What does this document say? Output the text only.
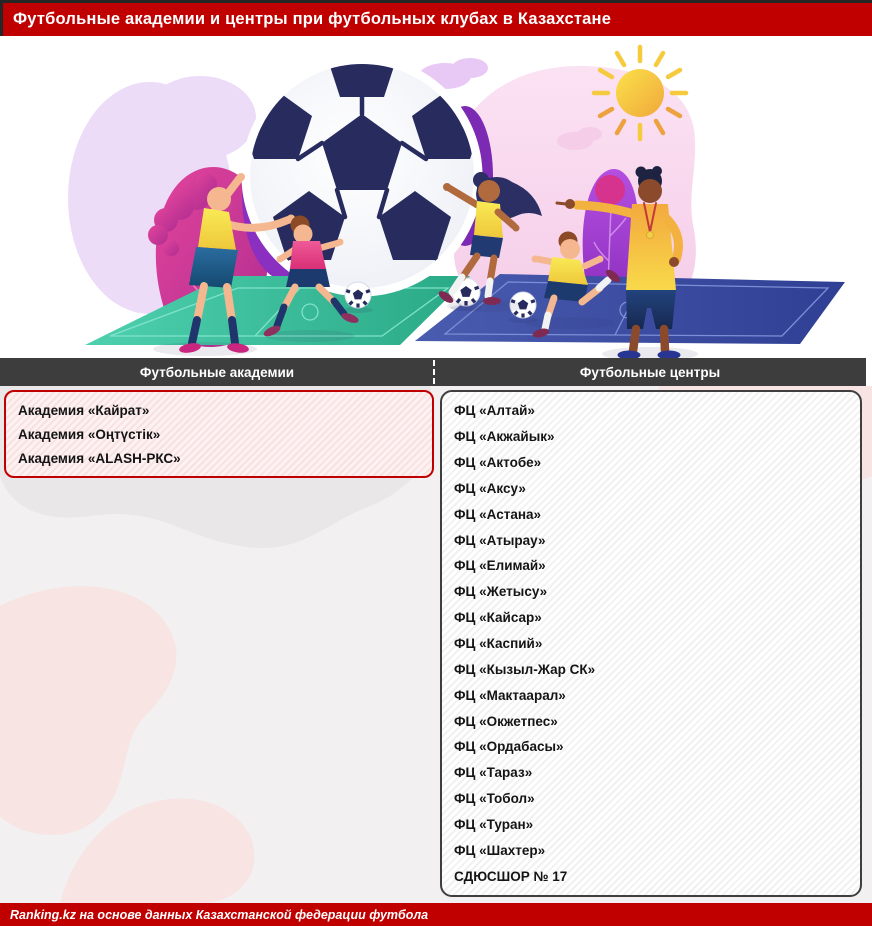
Футбольные академии и центры при футбольных клубах в Казахстане
Футбольные академии	Футбольные центры
Академия «Кайрат»
Академия «Оңтүстік»
Академия «ALASH-РКС»
ФЦ «Алтай»
ФЦ «Акжайык»
ФЦ «Актобе»
ФЦ «Аксу»
ФЦ «Астана»
ФЦ «Атырау»
ФЦ «Елимай»
ФЦ «Жетысу»
ФЦ «Кайсар»
ФЦ «Каспий»
ФЦ «Кызыл-Жар СК»
ФЦ «Мактаарал»
ФЦ «Окжетпес»
ФЦ «Ордабасы»
ФЦ «Тараз»
ФЦ «Тобол»
ФЦ «Туран»
ФЦ «Шахтер»
СДЮСШОР № 17
Ranking.kz на основе данных Казахстанской федерации футбола
